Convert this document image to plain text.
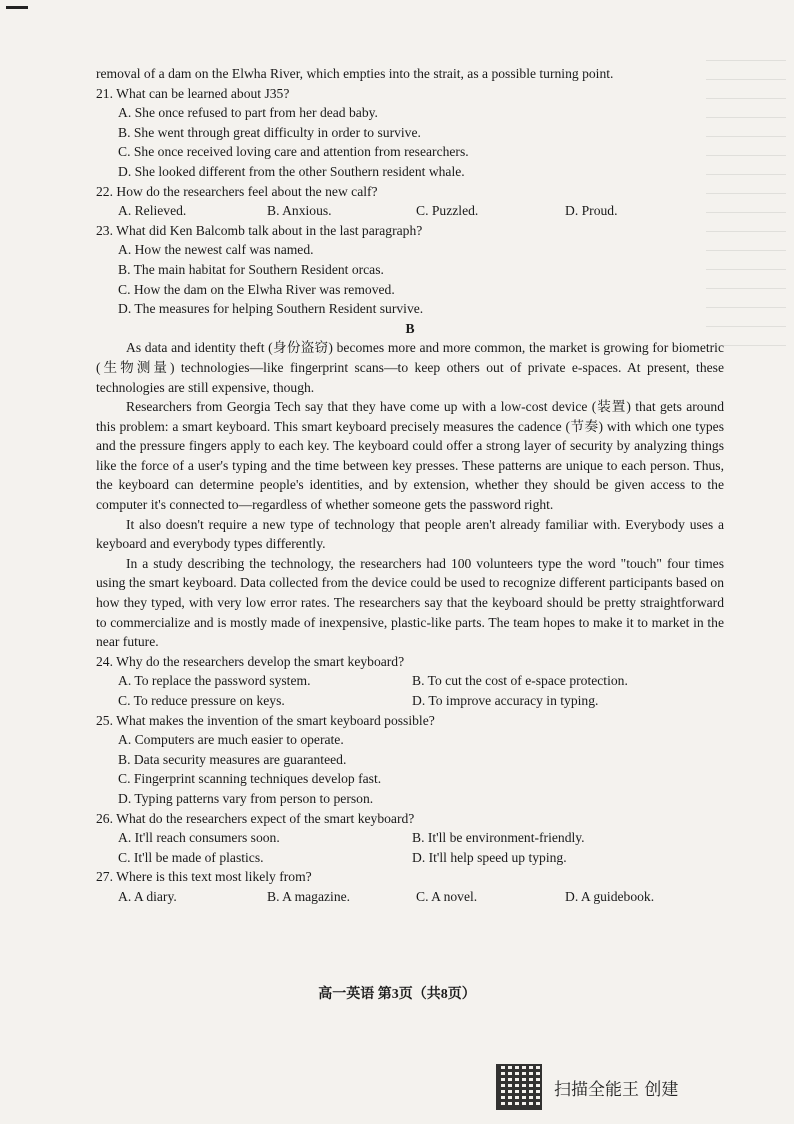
removal of a dam on the Elwha River, which empties into the strait, as a possible turning point.

21. What can be learned about J35?

A. She once refused to part from her dead baby.

B. She went through great difficulty in order to survive.

C. She once received loving care and attention from researchers.

D. She looked different from the other Southern resident whale.

22. How do the researchers feel about the new calf?

A. Relieved.	B. Anxious.	C. Puzzled.	D. Proud.

23. What did Ken Balcomb talk about in the last paragraph?

A. How the newest calf was named.

B. The main habitat for Southern Resident orcas.

C. How the dam on the Elwha River was removed.

D. The measures for helping Southern Resident survive.

B

As data and identity theft (身份盗窃) becomes more and more common, the market is growing for biometric (生物测量) technologies—like fingerprint scans—to keep others out of private e-spaces. At present, these technologies are still expensive, though.

Researchers from Georgia Tech say that they have come up with a low-cost device (装置) that gets around this problem: a smart keyboard. This smart keyboard precisely measures the cadence (节奏) with which one types and the pressure fingers apply to each key. The keyboard could offer a strong layer of security by analyzing things like the force of a user's typing and the time between key presses. These patterns are unique to each person. Thus, the keyboard can determine people's identities, and by extension, whether they should be given access to the computer it's connected to—regardless of whether someone gets the password right.

It also doesn't require a new type of technology that people aren't already familiar with. Everybody uses a keyboard and everybody types differently.

In a study describing the technology, the researchers had 100 volunteers type the word "touch" four times using the smart keyboard. Data collected from the device could be used to recognize different participants based on how they typed, with very low error rates. The researchers say that the keyboard should be pretty straightforward to commercialize and is mostly made of inexpensive, plastic-like parts. The team hopes to make it to market in the near future.

24. Why do the researchers develop the smart keyboard?

A. To replace the password system.	B. To cut the cost of e-space protection.
C. To reduce pressure on keys.	D. To improve accuracy in typing.

25. What makes the invention of the smart keyboard possible?

A. Computers are much easier to operate.

B. Data security measures are guaranteed.

C. Fingerprint scanning techniques develop fast.

D. Typing patterns vary from person to person.

26. What do the researchers expect of the smart keyboard?

A. It'll reach consumers soon.	B. It'll be environment-friendly.
C. It'll be made of plastics.	D. It'll help speed up typing.

27. Where is this text most likely from?

A. A diary.	B. A magazine.	C. A novel.	D. A guidebook.
高一英语 第3页（共8页）
扫描全能王 创建
